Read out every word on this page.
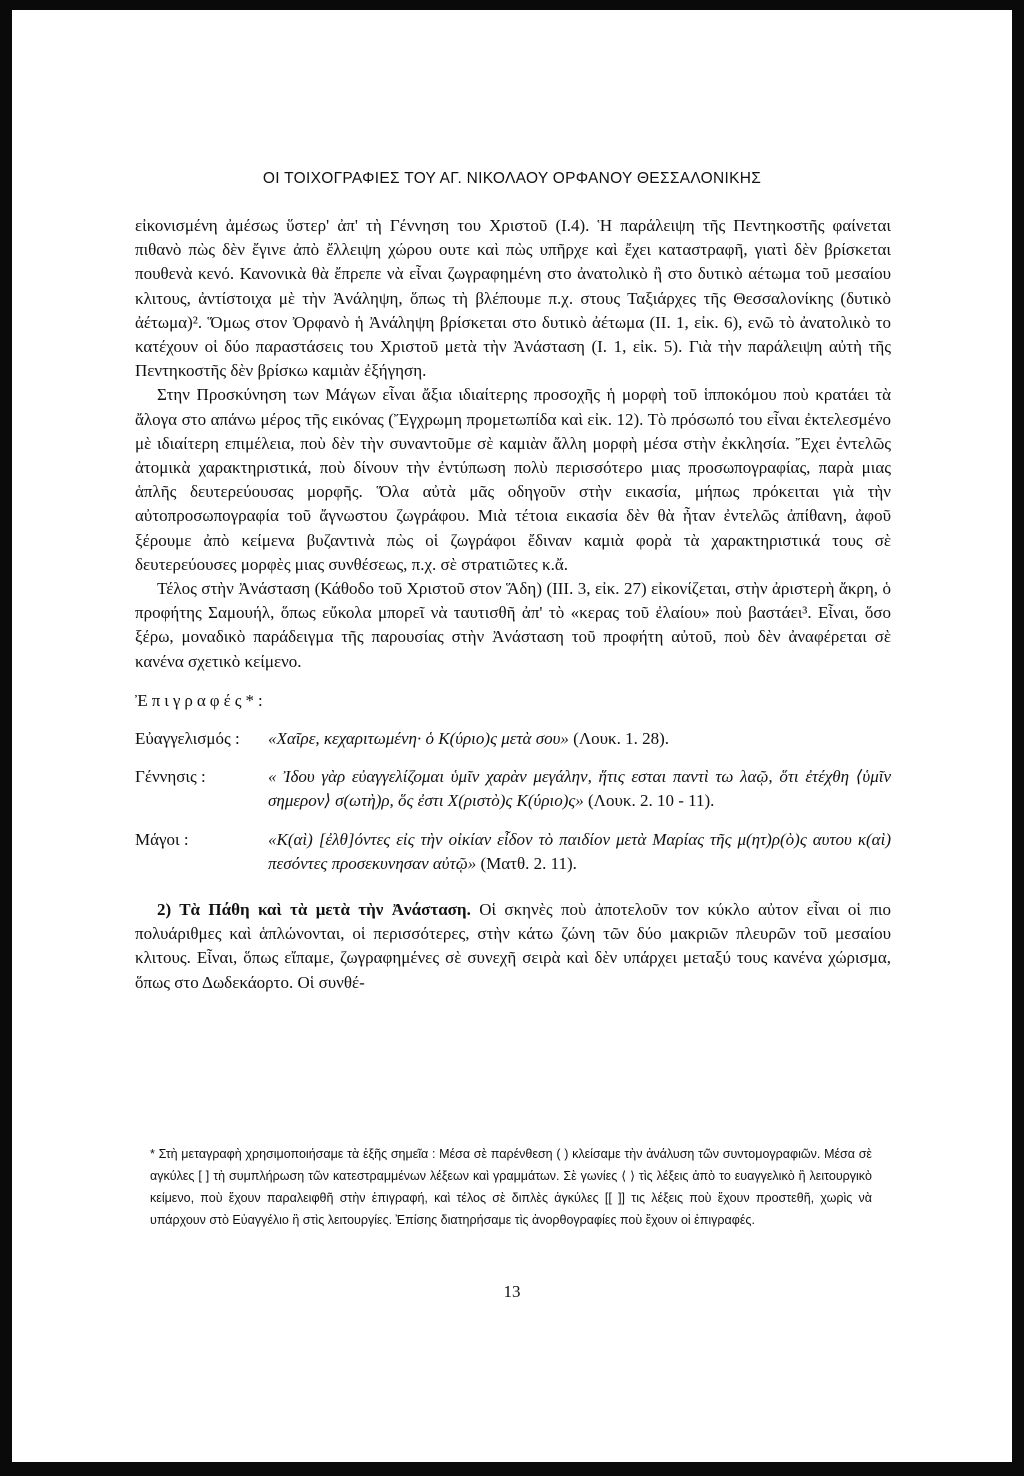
ΟΙ ΤΟΙΧΟΓΡΑΦΙΕΣ ΤΟΥ ΑΓ. ΝΙΚΟΛΑΟΥ ΟΡΦΑΝΟΥ ΘΕΣΣΑΛΟΝΙΚΗΣ

εἰκονισμένη ἀμέσως ὕστερ' ἀπ' τὴ Γέννηση του Χριστοῦ (Ι.4). Ἡ παράλειψη τῆς Πεντηκοστῆς φαίνεται πιθανὸ πὼς δὲν ἔγινε ἀπὸ ἔλλειψη χώρου ουτε καὶ πὼς υπῆρχε καὶ ἔχει καταστραφῆ, γιατὶ δὲν βρίσκεται πουθενὰ κενό. Κανονικὰ θὰ ἔπρεπε νὰ εἶναι ζωγραφημένη στο ἀνατολικὸ ἢ στο δυτικὸ αέτωμα τοῦ μεσαίου κλιτους, ἀντίστοιχα μὲ τὴν Ἀνάληψη, ὅπως τὴ βλέπουμε π.χ. στους Ταξιάρχες τῆς Θεσσαλονίκης (δυτικὸ ἀέτωμα)². Ὅμως στον Ὀρφανὸ ἡ Ἀνάληψη βρίσκεται στο δυτικὸ ἀέτωμα (ΙΙ. 1, εἰκ. 6), ενῶ τὸ ἀνατολικὸ το κατέχουν οἱ δύο παραστάσεις του Χριστοῦ μετὰ τὴν Ἀνάσταση (Ι. 1, εἰκ. 5). Γιὰ τὴν παράλειψη αὐτὴ τῆς Πεντηκοστῆς δὲν βρίσκω καμιὰν ἐξήγηση.

Στην Προσκύνηση των Μάγων εἶναι ἄξια ιδιαίτερης προσοχῆς ἡ μορφὴ τοῦ ἱπποκόμου ποὺ κρατάει τὰ ἄλογα στο απάνω μέρος τῆς εικόνας (Ἔγχρωμη προμετωπίδα καὶ εἰκ. 12). Τὸ πρόσωπό του εἶναι ἐκτελεσμένο μὲ ιδιαίτερη επιμέλεια, ποὺ δὲν τὴν συναντοῦμε σὲ καμιὰν ἄλλη μορφὴ μέσα στὴν ἐκκλησία. Ἔχει ἐντελῶς ἀτομικὰ χαρακτηριστικά, ποὺ δίνουν τὴν ἐντύπωση πολὺ περισσότερο μιας προσωπογραφίας, παρὰ μιας ἁπλῆς δευτερεύουσας μορφῆς. Ὅλα αὐτὰ μᾶς οδηγοῦν στὴν εικασία, μήπως πρόκειται γιὰ τὴν αὐτοπροσωπογραφία τοῦ ἄγνωστου ζωγράφου. Μιὰ τέτοια εικασία δὲν θὰ ἦταν ἐντελῶς ἀπίθανη, ἀφοῦ ξέρουμε ἀπὸ κείμενα βυζαντινὰ πὼς οἱ ζωγράφοι ἔδιναν καμιὰ φορὰ τὰ χαρακτηριστικά τους σὲ δευτερεύουσες μορφὲς μιας συνθέσεως, π.χ. σὲ στρατιῶτες κ.ἄ.

Τέλος στὴν Ἀνάσταση (Κάθοδο τοῦ Χριστοῦ στον Ἅδη) (ΙΙΙ. 3, εἰκ. 27) εἰκονίζεται, στὴν ἀριστερὴ ἄκρη, ὁ προφήτης Σαμουήλ, ὅπως εὔκολα μπορεῖ νὰ ταυτισθῆ ἀπ' τὸ «κερας τοῦ ἐλαίου» ποὺ βαστάει³. Εἶναι, ὅσο ξέρω, μοναδικὸ παράδειγμα τῆς παρουσίας στὴν Ἀνάσταση τοῦ προφήτη αὐτοῦ, ποὺ δὲν ἀναφέρεται σὲ κανένα σχετικὸ κείμενο.

Ἐπιγραφές*:

Εὐαγγελισμός :	«Χαῖρε, κεχαριτωμένη· ὁ Κ(ύριο)ς μετὰ σου» (Λουκ. 1. 28).
Γέννησις :	« Ἰδου γὰρ εὐαγγελίζομαι ὑμῖν χαρὰν μεγάλην, ἥτις εσται παντὶ τω λαῷ, ὅτι ἐτέχθη ⟨ὑμῖν σημερον⟩ σ(ωτὴ)ρ, ὅς ἐστι Χ(ριστὸ)ς Κ(ύριο)ς» (Λουκ. 2. 10 - 11).
Μάγοι :	«Κ(αὶ) [ἐλθ]όντες εἰς τὴν οἰκίαν εἶδον τὸ παιδίον μετὰ Μαρίας τῆς μ(ητ)ρ(ὸ)ς αυτου κ(αὶ) πεσόντες προσεκυνησαν αὐτῷ» (Ματθ. 2. 11).

2) Τὰ Πάθη καὶ τὰ μετὰ τὴν Ἀνάσταση. Οἱ σκηνὲς ποὺ ἀποτελοῦν τον κύκλο αὐτον εἶναι οἱ πιο πολυάριθμες καὶ ἁπλώνονται, οἱ περισσότερες, στὴν κάτω ζώνη τῶν δύο μακριῶν πλευρῶν τοῦ μεσαίου κλιτους. Εἶναι, ὅπως εἴπαμε, ζωγραφημένες σὲ συνεχῆ σειρὰ καὶ δὲν υπάρχει μεταξύ τους κανένα χώρισμα, ὅπως στο Δωδεκάορτο. Οἱ συνθέ-

* Στὴ μεταγραφὴ χρησιμοποιήσαμε τὰ ἑξῆς σημεῖα : Μέσα σὲ παρένθεση ( ) κλείσαμε τὴν ἀνάλυση τῶν συντομογραφιῶν. Μέσα σὲ αγκύλες [ ] τὴ συμπλήρωση τῶν κατεστραμμένων λέξεων καὶ γραμμάτων. Σὲ γωνίες ⟨ ⟩ τὶς λέξεις ἀπὸ το ευαγγελικὸ ἢ λειτουργικὸ κείμενο, ποὺ ἔχουν παραλειφθῆ στὴν ἐπιγραφή, καὶ τέλος σὲ διπλὲς ἀγκύλες [[ ]] τις λέξεις ποὺ ἔχουν προστεθῆ, χωρὶς νὰ υπάρχουν στὸ Εὐαγγέλιο ἢ στὶς λειτουργίες. Ἐπίσης διατηρήσαμε τὶς ἀνορθογραφίες ποὺ ἔχουν οἱ ἐπιγραφές.

13
